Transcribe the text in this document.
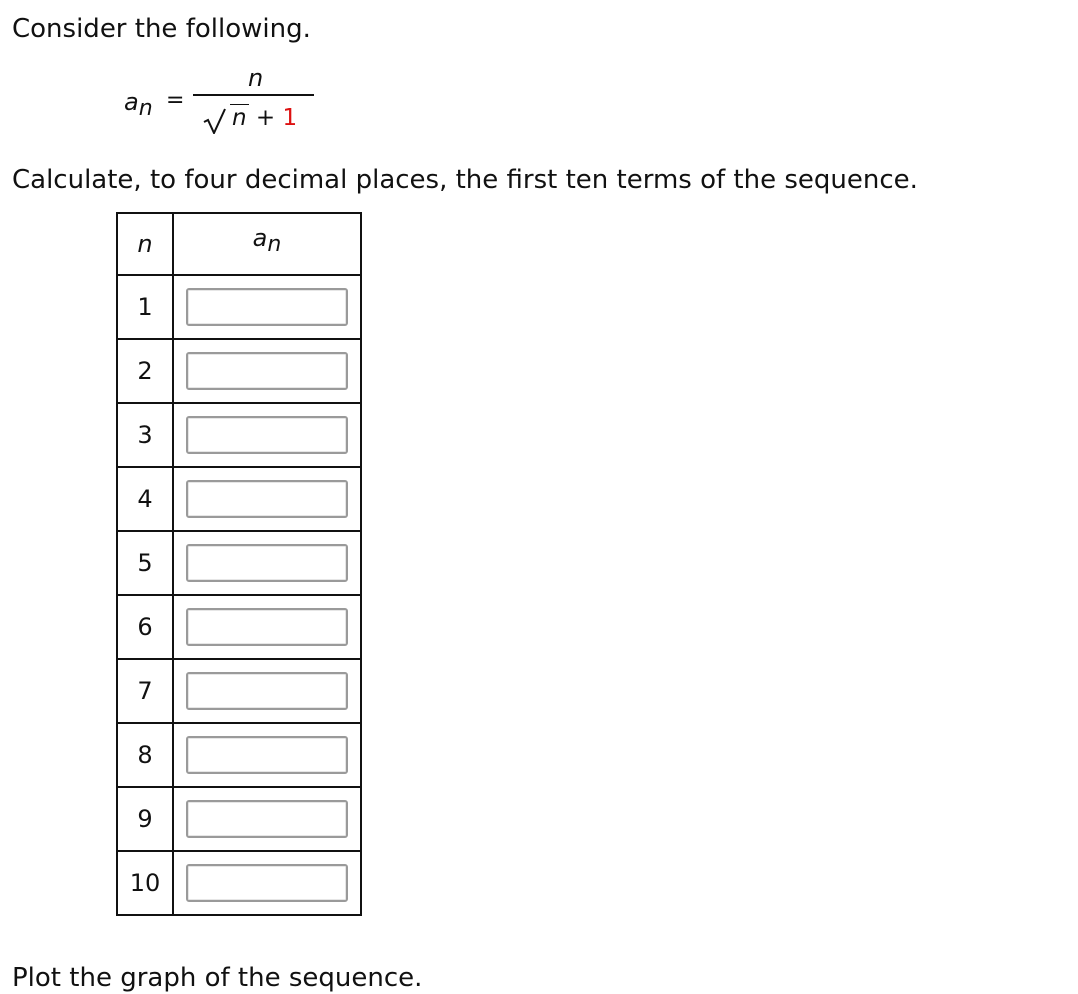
Consider the following.

$a_n$ =
n
n + 1

Calculate, to four decimal places, the first ten terms of the sequence.

n	$a_n$
1	

2	

3	

4	

5	

6	

7	

8	

9	

10	

Plot the graph of the sequence.
